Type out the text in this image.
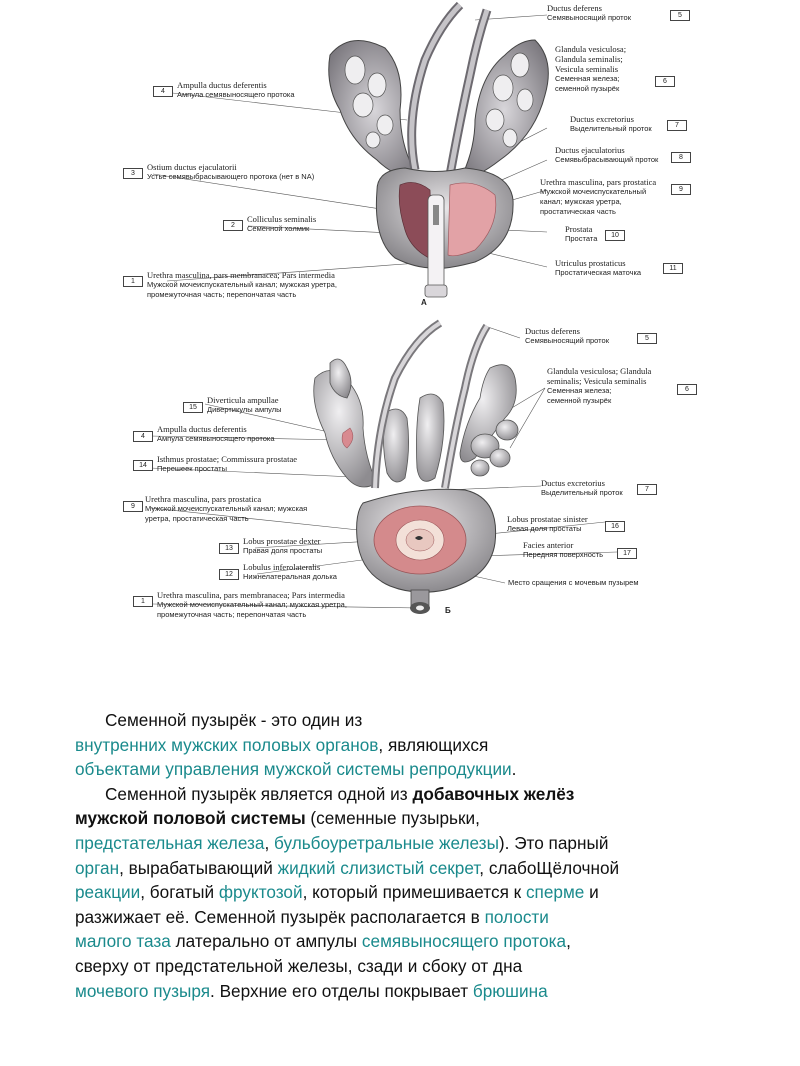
Ductus deferens
Семявыносящий проток	5
Glandula vesiculosa;
Glandula seminalis;
Vesicula seminalis
Семенная железа;
семенной пузырёк
6
Ductus excretorius
Выделительный проток	7
Ductus ejaculatorius
Семявыбрасывающий проток	8
Urethra masculina, pars prostatica
Мужской мочеиспускательный
канал; мужская уретра,
простатическая часть
9
Prostata
Простата	10
Utriculus prostaticus
Простатическая маточка	11
4
Ampulla ductus deferentis
Ампула семявыносящего протока
3
Ostium ductus ejaculatorii
Устье семявыбрасывающего протока (нет в NA)
2
Colliculus seminalis
Семенной холмик
1
Urethra masculina, pars membranacea; Pars intermedia
Мужской мочеиспускательный канал; мужская уретра,
промежуточная часть; перепончатая часть
A
Ductus deferens
Семявыносящий проток	5
Glandula vesiculosa; Glandula
seminalis; Vesicula seminalis
Семенная железа;
семенной пузырёк
6
Ductus excretorius
Выделительный проток	7
Lobus prostatae sinister
Левая доля простаты	16
Facies anterior
Передняя поверхность	17
Место сращения с мочевым пузырем
15
Diverticula ampullae
Дивертикулы ампулы
4
Ampulla ductus deferentis
Ампула семявыносящего протока
14
Isthmus prostatae; Commissura prostatae
Перешеек простаты
9
Urethra masculina, pars prostatica
Мужской мочеиспускательный канал; мужская
уретра, простатическая часть
13
Lobus prostatae dexter
Правая доля простаты
12
Lobulus inferolateralis
Нижнелатеральная долька
1
Urethra masculina, pars membranacea; Pars intermedia
Мужской мочеиспускательный канал; мужская уретра,
промежуточная часть; перепончатая часть	Б

Семенной пузырёк - это один из
внутренних мужских половых органов, являющихся
объектами управления мужской системы репродукции.

Семенной пузырёк является одной из добавочных желёз
мужской половой системы (семенные пузырьки,
предстательная железа, бульбоуретральные железы). Это парный
орган, вырабатывающий жидкий слизистый секрет, слабоЩёлочной
реакции, богатый фруктозой, который примешивается к сперме и
разжижает её. Семенной пузырёк располагается в полости
малого таза латерально от ампулы семявыносящего протока,
сверху от предстательной железы, сзади и сбоку от дна
мочевого пузыря. Верхние его отделы покрывает брюшина
